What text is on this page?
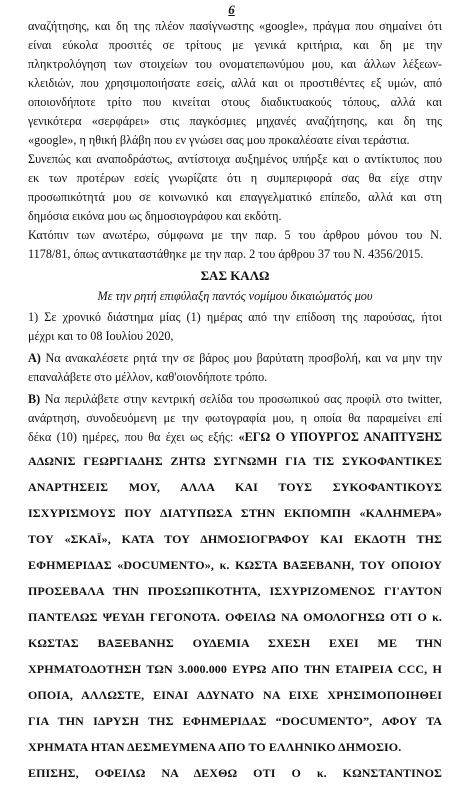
6
αναζήτησης, και δη της πλέον πασίγνωστης «google», πράγμα που σημαίνει ότι
είναι εύκολα προσιτές σε τρίτους με γενικά κριτήρια, και δη με την
πληκτρολόγηση των στοιχείων του ονοματεπωνύμου μου, και άλλων λέξεων-
κλειδιών, που χρησιμοποιήσατε εσείς, αλλά και οι προστιθέντες εξ υμών, από
οποιονδήποτε τρίτο που κινείται στους διαδικτυακούς τόπους, αλλά και
γενικότερα «σερφάρει» στις παγκόσμιες μηχανές αναζήτησης, και δη της
«google», η ηθική βλάβη που εν γνώσει σας μου προκαλέσατε είναι τεράστια.
Συνεπώς και αναποδράστως, αντίστοιχα αυξημένος υπήρξε και ο αντίκτυπος που
εκ των προτέρων εσείς γνωρίζατε ότι η συμπεριφορά σας θα είχε στην
προσωπικότητά μου σε κοινωνικό και επαγγελματικό επίπεδο, αλλά και στη
δημόσια εικόνα μου ως δημοσιογράφου και εκδότη.
Κατόπιν των ανωτέρω, σύμφωνα με την παρ. 5 του άρθρου μόνου του Ν.
1178/81, όπως αντικαταστάθηκε με την παρ. 2 του άρθρου 37 του Ν. 4356/2015.
ΣΑΣ ΚΑΛΩ
Με την ρητή επιφύλαξη παντός νομίμου δικαιώματός μου
1) Σε χρονικό διάστημα μίας (1) ημέρας από την επίδοση της παρούσας, ήτοι
μέχρι και το 08 Ιουλίου 2020,
A) Να ανακαλέσετε ρητά την σε βάρος μου βαρύτατη προσβολή, και να μην την
επαναλάβετε στο μέλλον, καθ'οιονδήποτε τρόπο.
B) Να περιλάβετε στην κεντρική σελίδα του προσωπικού σας προφίλ στο twitter,
ανάρτηση, συνοδευόμενη με την φωτογραφία μου, η οποία θα παραμείνει επί
δέκα (10) ημέρες, που θα έχει ως εξής: «ΕΓΩ Ο ΥΠΟΥΡΓΟΣ ΑΝΑΠΤΥΞΗΣ
ΑΔΩΝΙΣ ΓΕΩΡΓΙΑΔΗΣ ΖΗΤΩ ΣΥΓΝΩΜΗ ΓΙΑ ΤΙΣ ΣΥΚΟΦΑΝΤΙΚΕΣ
ΑΝΑΡΤΗΣΕΙΣ ΜΟΥ, ΑΛΛΑ ΚΑΙ ΤΟΥΣ ΣΥΚΟΦΑΝΤΙΚΟΥΣ
ΙΣΧΥΡΙΣΜΟΥΣ ΠΟΥ ΔΙΑΤΥΠΩΣΑ ΣΤΗΝ ΕΚΠΟΜΠΗ «ΚΑΛΗΜΕΡΑ»
ΤΟΥ «ΣΚΑΪ», ΚΑΤΑ ΤΟΥ ΔΗΜΟΣΙΟΓΡΑΦΟΥ ΚΑΙ ΕΚΔΟΤΗ ΤΗΣ
ΕΦΗΜΕΡΙΔΑΣ «DOCUMENTO», κ. ΚΩΣΤΑ ΒΑΞΕΒΑΝΗ, ΤΟΥ ΟΠΟΙΟΥ
ΠΡΟΣΕΒΑΛΑ ΤΗΝ ΠΡΟΣΩΠΙΚΟΤΗΤΑ, ΙΣΧΥΡΙΖΟΜΕΝΟΣ ΓΙ'ΑΥΤΟΝ
ΠΑΝΤΕΛΩΣ ΨΕΥΔΗ ΓΕΓΟΝΟΤΑ. ΟΦΕΙΛΩ ΝΑ ΟΜΟΛΟΓΗΣΩ ΟΤΙ Ο κ.
ΚΩΣΤΑΣ ΒΑΞΕΒΑΝΗΣ ΟΥΔΕΜΙΑ ΣΧΕΣΗ ΕΧΕΙ ΜΕ ΤΗΝ
ΧΡΗΜΑΤΟΔΟΤΗΣΗ ΤΩΝ 3.000.000 ΕΥΡΩ ΑΠΟ ΤΗΝ ΕΤΑΙΡΕΙΑ CCC, Η
ΟΠΟΙΑ, ΑΛΛΩΣΤΕ, ΕΙΝΑΙ ΑΔΥΝΑΤΟ ΝΑ ΕΙΧΕ ΧΡΗΣΙΜΟΠΟΙΗΘΕΙ
ΓΙΑ ΤΗΝ ΙΔΡΥΣΗ ΤΗΣ ΕΦΗΜΕΡΙΔΑΣ “DOCUMENTO”, ΑΦΟΥ ΤΑ
ΧΡΗΜΑΤΑ ΗΤΑΝ ΔΕΣΜΕΥΜΕΝΑ ΑΠΟ ΤΟ ΕΛΛΗΝΙΚΟ ΔΗΜΟΣΙΟ.
ΕΠΙΣΗΣ, ΟΦΕΙΛΩ ΝΑ ΔΕΧΘΩ ΟΤΙ Ο κ. ΚΩΝΣΤΑΝΤΙΝΟΣ
